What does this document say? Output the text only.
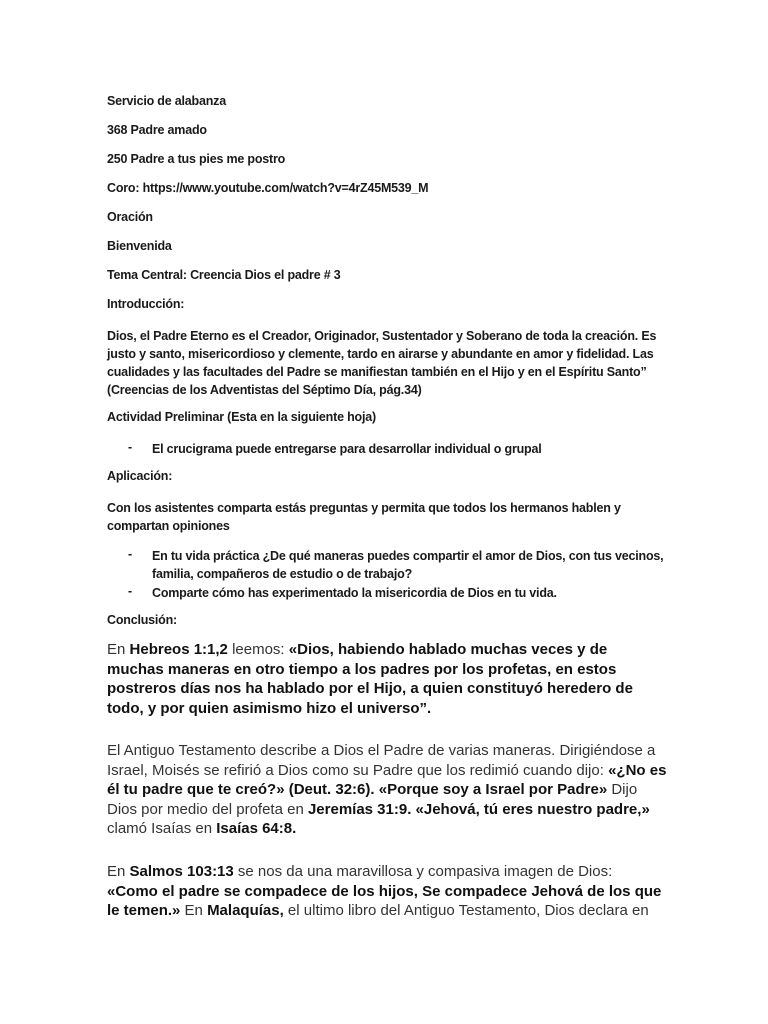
Servicio de alabanza
368 Padre amado
250 Padre a tus pies me postro
Coro: https://www.youtube.com/watch?v=4rZ45M539_M
Oración
Bienvenida
Tema Central: Creencia Dios el padre # 3
Introducción:
Dios, el Padre Eterno es el Creador, Originador, Sustentador y Soberano de toda la creación. Es
justo y santo, misericordioso y clemente, tardo en airarse y abundante en amor y fidelidad. Las
cualidades y las facultades del Padre se manifiestan también en el Hijo y en el Espíritu Santo”
(Creencias de los Adventistas del Séptimo Día, pág.34)
Actividad Preliminar (Esta en la siguiente hoja)
- El crucigrama puede entregarse para desarrollar individual o grupal
Aplicación:
Con los asistentes comparta estás preguntas y permita que todos los hermanos hablen y
compartan opiniones
- En tu vida práctica ¿De qué maneras puedes compartir el amor de Dios, con tus vecinos,
familia, compañeros de estudio o de trabajo?
- Comparte cómo has experimentado la misericordia de Dios en tu vida.
Conclusión:
En Hebreos 1:1,2 leemos: «Dios, habiendo hablado muchas veces y de muchas maneras en otro tiempo a los padres por los profetas, en estos postreros días nos ha hablado por el Hijo, a quien constituyó heredero de todo, y por quien asimismo hizo el universo”.
El Antiguo Testamento describe a Dios el Padre de varias maneras. Dirigiéndose a Israel, Moisés se refirió a Dios como su Padre que los redimió cuando dijo: «¿No es él tu padre que te creó?» (Deut. 32:6). «Porque soy a Israel por Padre» Dijo Dios por medio del profeta en Jeremías 31:9. «Jehová, tú eres nuestro padre,» clamó Isaías en Isaías 64:8.
En Salmos 103:13 se nos da una maravillosa y compasiva imagen de Dios: «Como el padre se compadece de los hijos, Se compadece Jehová de los que le temen.» En Malaquías, el ultimo libro del Antiguo Testamento, Dios declara en
